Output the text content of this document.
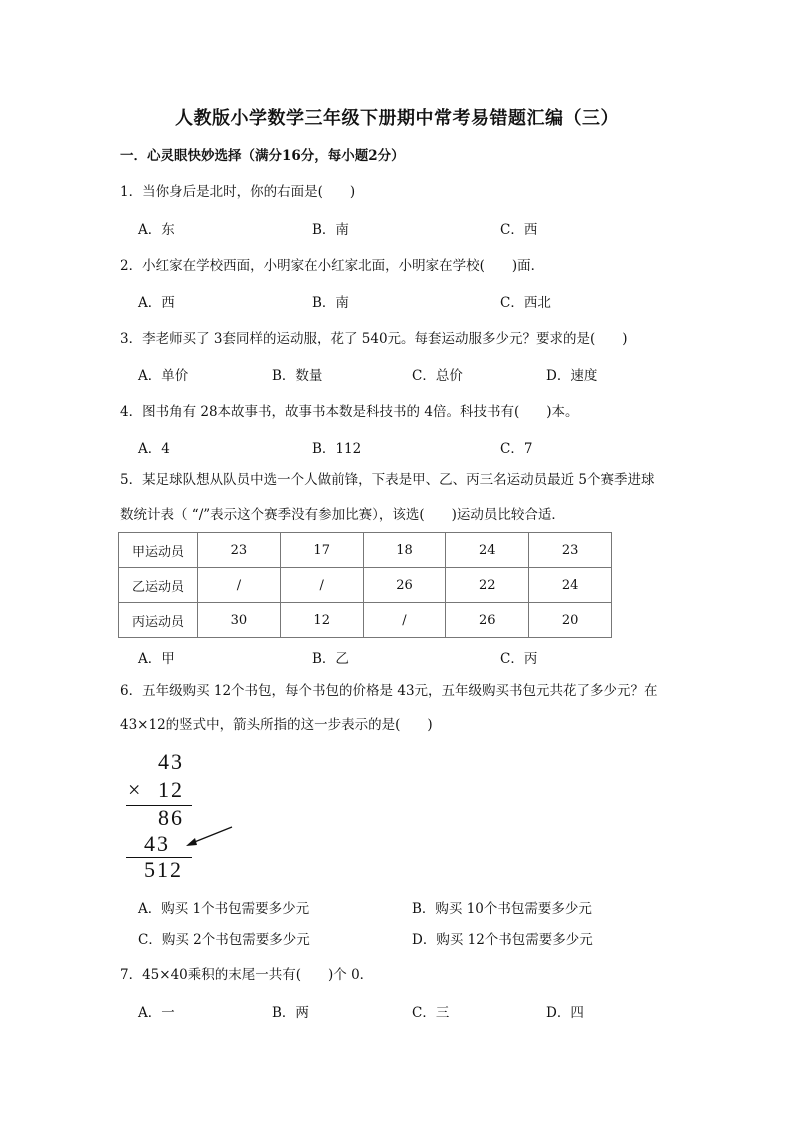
人教版小学数学三年级下册期中常考易错题汇编（三）
一．心灵眼快妙选择（满分16分，每小题2分）
1．当你身后是北时，你的右面是(　　)
A．东	B．南	C．西
2．小红家在学校西面，小明家在小红家北面，小明家在学校(　　)面．
A．西	B．南	C．西北
3．李老师买了 3套同样的运动服，花了 540元。每套运动服多少元？要求的是(　　)
A．单价	B．数量	C．总价	D．速度
4．图书角有 28本故事书，故事书本数是科技书的 4倍。科技书有(　　)本。
A．4	B．112	C．7
5．某足球队想从队员中选一个人做前锋，下表是甲、乙、丙三名运动员最近 5个赛季进球
数统计表（ “/”表示这个赛季没有参加比赛），该选(　　)运动员比较合适．
甲运动员	23	17	18	24	23
乙运动员	/	/	26	22	24
丙运动员	30	12	/	26	20
A．甲	B．乙	C．丙
6．五年级购买 12个书包，每个书包的价格是 43元，五年级购买书包元共花了多少元？在
43×12的竖式中，箭头所指的这一步表示的是(　　)
43
× 12
86
43
512
A．购买 1个书包需要多少元	B．购买 10个书包需要多少元
C．购买 2个书包需要多少元	D．购买 12个书包需要多少元
7．45×40乘积的末尾一共有(　　)个 0．
A．一	B．两	C．三	D．四
